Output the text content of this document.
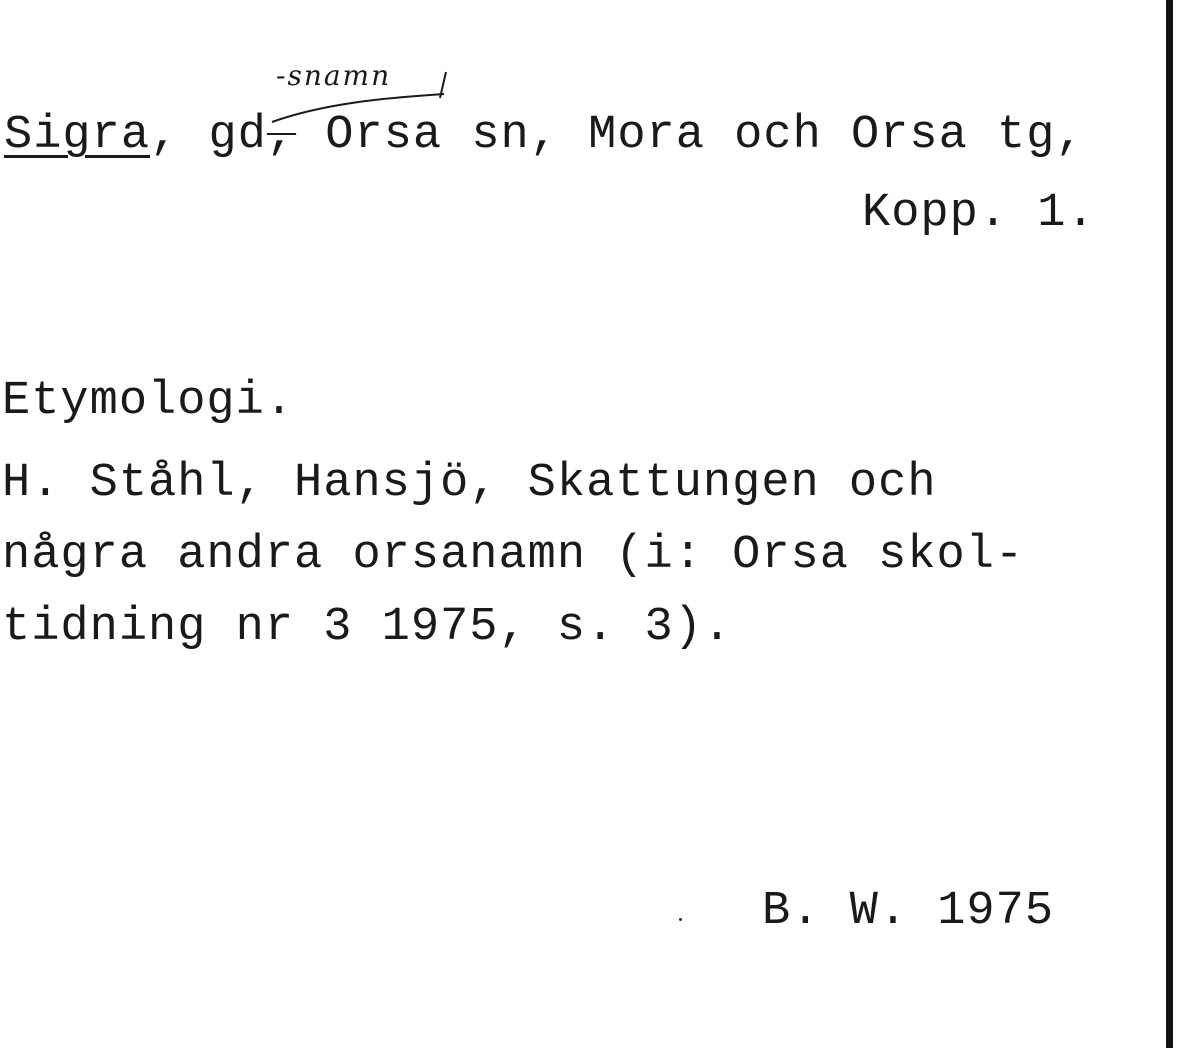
Sigra, gd, Orsa sn, Mora och Orsa tg,
-snamn
Kopp. 1.
Etymologi.
H. Ståhl, Hansjö, Skattungen och
några andra orsanamn (i: Orsa skol-
tidning nr 3 1975, s. 3).
B. W. 1975
